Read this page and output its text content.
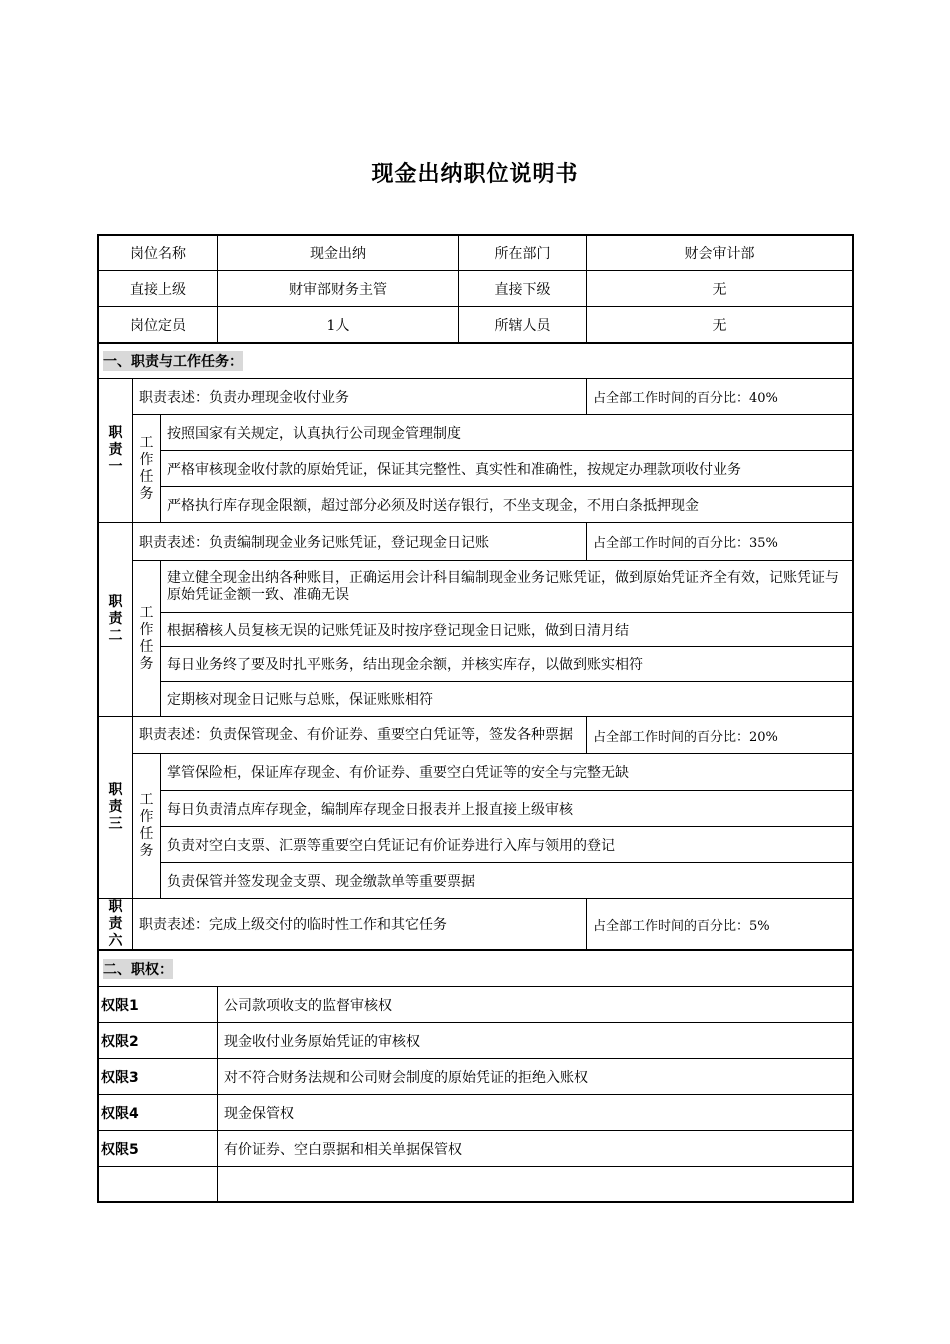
现金出纳职位说明书
岗位名称	现金出纳	所在部门	财会审计部
直接上级	财审部财务主管	直接下级	无
岗位定员	1人	所辖人员	无
一、职责与工作任务：
职
责
一
职责表述：负责办理现金收付业务	占全部工作时间的百分比：40%
工
作
任
务
按照国家有关规定，认真执行公司现金管理制度
严格审核现金收付款的原始凭证，保证其完整性、真实性和准确性，按规定办理款项收付业务
严格执行库存现金限额，超过部分必须及时送存银行，不坐支现金，不用白条抵押现金
职
责
二
职责表述：负责编制现金业务记账凭证，登记现金日记账	占全部工作时间的百分比：35%
工
作
任
务
建立健全现金出纳各种账目，正确运用会计科目编制现金业务记账凭证，做到原始凭证齐全有效，记账凭证与原始凭证金额一致、准确无误
根据稽核人员复核无误的记账凭证及时按序登记现金日记账，做到日清月结
每日业务终了要及时扎平账务，结出现金余额，并核实库存，以做到账实相符
定期核对现金日记账与总账，保证账账相符
职
责
三
职责表述：负责保管现金、有价证券、重要空白凭证等，签发各种票据	占全部工作时间的百分比：20%
工
作
任
务
掌管保险柜，保证库存现金、有价证券、重要空白凭证等的安全与完整无缺
每日负责清点库存现金，编制库存现金日报表并上报直接上级审核
负责对空白支票、汇票等重要空白凭证记有价证券进行入库与领用的登记
负责保管并签发现金支票、现金缴款单等重要票据
职
责
六
职责表述：完成上级交付的临时性工作和其它任务	占全部工作时间的百分比：5%
二、职权：
权限1	公司款项收支的监督审核权
权限2	现金收付业务原始凭证的审核权
权限3	对不符合财务法规和公司财会制度的原始凭证的拒绝入账权
权限4	现金保管权
权限5	有价证券、空白票据和相关单据保管权
